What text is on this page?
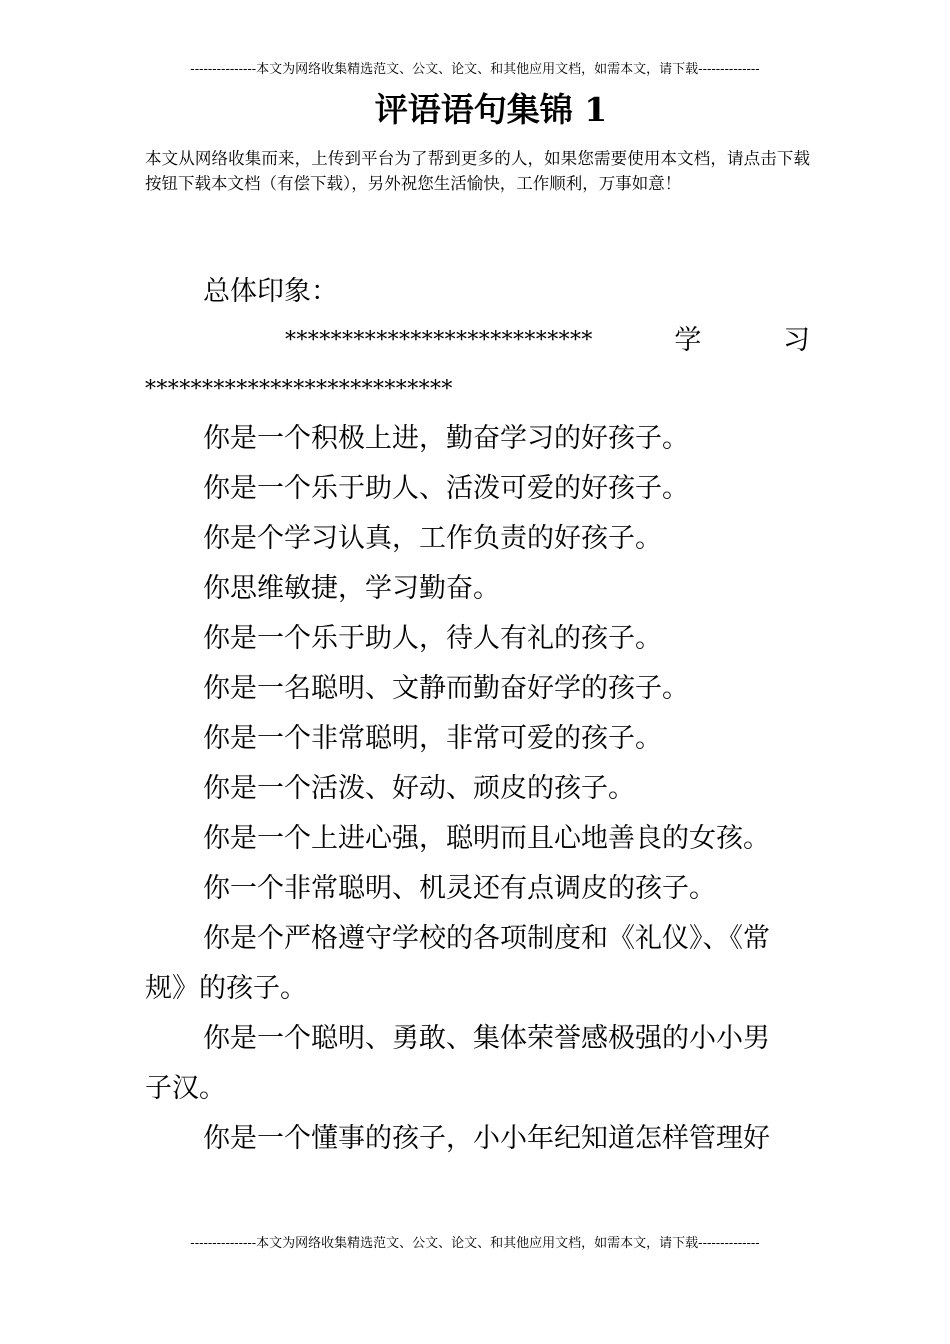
---------------本文为网络收集精选范文、公文、论文、和其他应用文档，如需本文，请下载--------------
评语语句集锦 1
本文从网络收集而来，上传到平台为了帮到更多的人，如果您需要使用本文档，请点击下载按钮下载本文档（有偿下载），另外祝您生活愉快，工作顺利，万事如意！
总体印象：
***************************	学	习
***************************
你是一个积极上进，勤奋学习的好孩子。
你是一个乐于助人、活泼可爱的好孩子。
你是个学习认真，工作负责的好孩子。
你思维敏捷，学习勤奋。
你是一个乐于助人，待人有礼的孩子。
你是一名聪明、文静而勤奋好学的孩子。
你是一个非常聪明，非常可爱的孩子。
你是一个活泼、好动、顽皮的孩子。
你是一个上进心强，聪明而且心地善良的女孩。
你一个非常聪明、机灵还有点调皮的孩子。
你是个严格遵守学校的各项制度和《礼仪》、《常
规》的孩子。
你是一个聪明、勇敢、集体荣誉感极强的小小男
子汉。
你是一个懂事的孩子，小小年纪知道怎样管理好
---------------本文为网络收集精选范文、公文、论文、和其他应用文档，如需本文，请下载--------------
